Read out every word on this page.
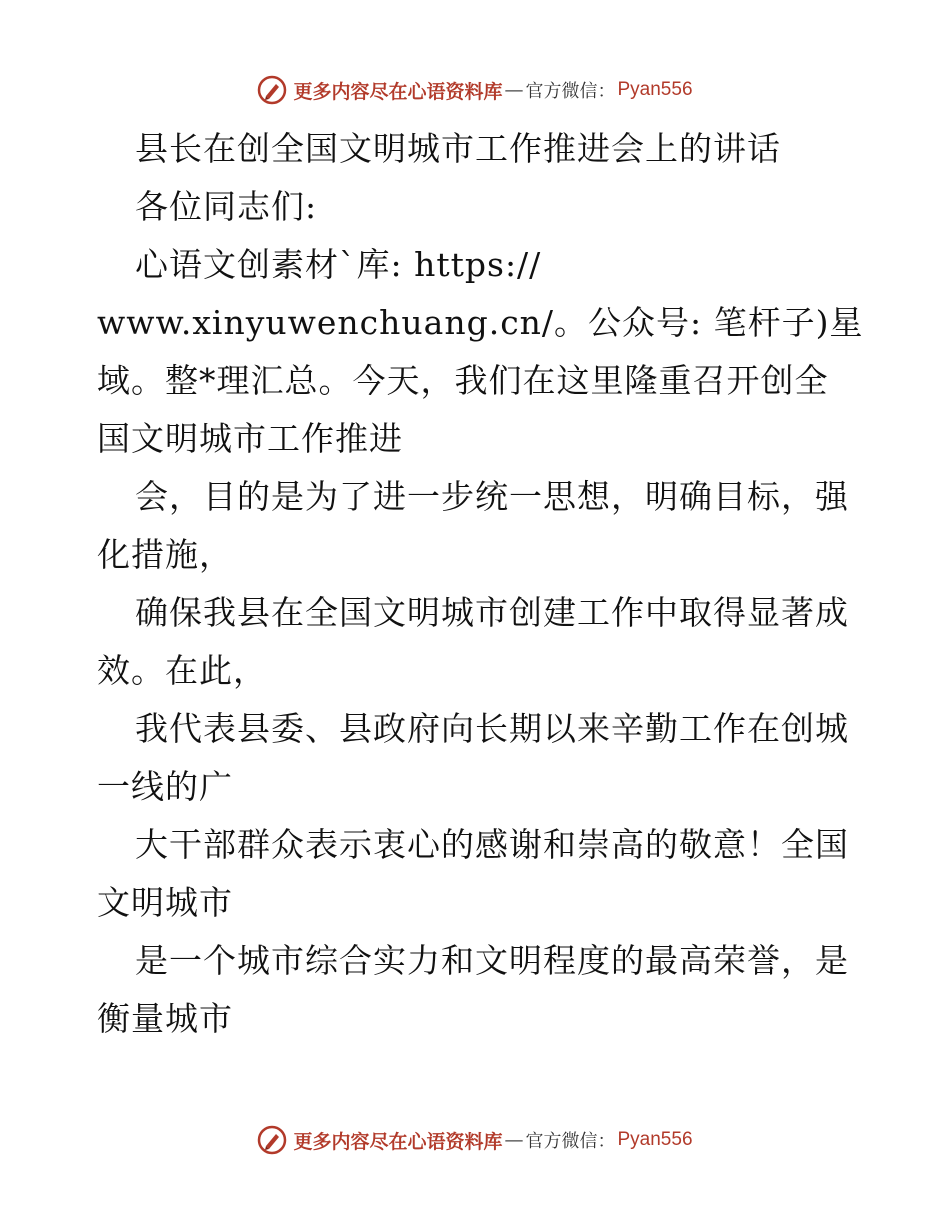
更多内容尽在心语资料库 — 官方微信： Pyan556
县长在创全国文明城市工作推进会上的讲话
各位同志们:
心语文创素材`库: https://
www.xinyuwenchuang.cn/。公众号: 笔杆子)星
域。整*理汇总。今天，我们在这里隆重召开创全
国文明城市工作推进
会，目的是为了进一步统一思想，明确目标，强
化措施，
确保我县在全国文明城市创建工作中取得显著成
效。在此，
我代表县委、县政府向长期以来辛勤工作在创城
一线的广
大干部群众表示衷心的感谢和崇高的敬意！全国
文明城市
是一个城市综合实力和文明程度的最高荣誉，是
衡量城市
更多内容尽在心语资料库 — 官方微信： Pyan556
